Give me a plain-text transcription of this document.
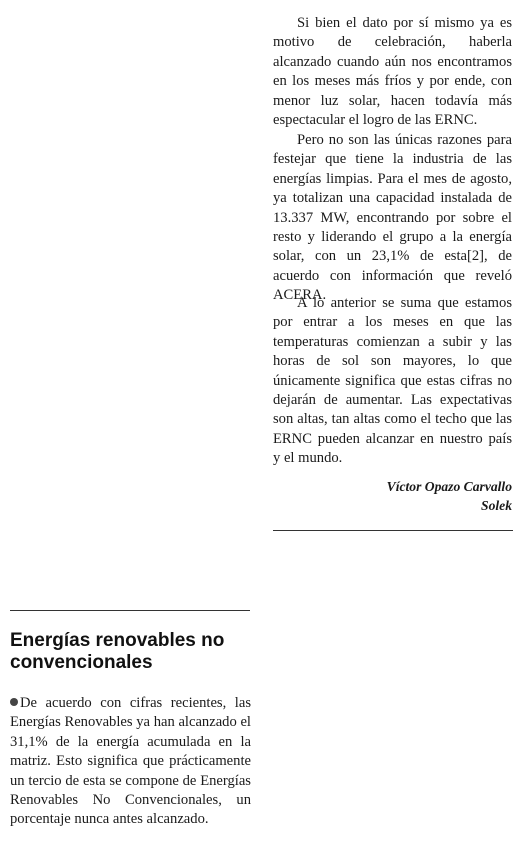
Si bien el dato por sí mismo ya es motivo de celebración, haberla alcanzado cuando aún nos encontramos en los meses más fríos y por ende, con menor luz solar, hacen todavía más espectacular el logro de las ERNC.

Pero no son las únicas razones para festejar que tiene la industria de las energías limpias. Para el mes de agosto, ya totalizan una capacidad instalada de 13.337 MW, encontrando por sobre el resto y liderando el grupo a la energía solar, con un 23,1% de esta[2], de acuerdo con información que reveló ACERA.

A lo anterior se suma que estamos por entrar a los meses en que las temperaturas comienzan a subir y las horas de sol son mayores, lo que únicamente significa que estas cifras no dejarán de aumentar. Las expectativas son altas, tan altas como el techo que las ERNC pueden alcanzar en nuestro país y el mundo.

Víctor Opazo Carvallo
Solek
Energías renovables no convencionales

De acuerdo con cifras recientes, las Energías Renovables ya han alcanzado el 31,1% de la energía acumulada en la matriz. Esto significa que prácticamente un tercio de esta se compone de Energías Renovables No Convencionales, un porcentaje nunca antes alcanzado.
